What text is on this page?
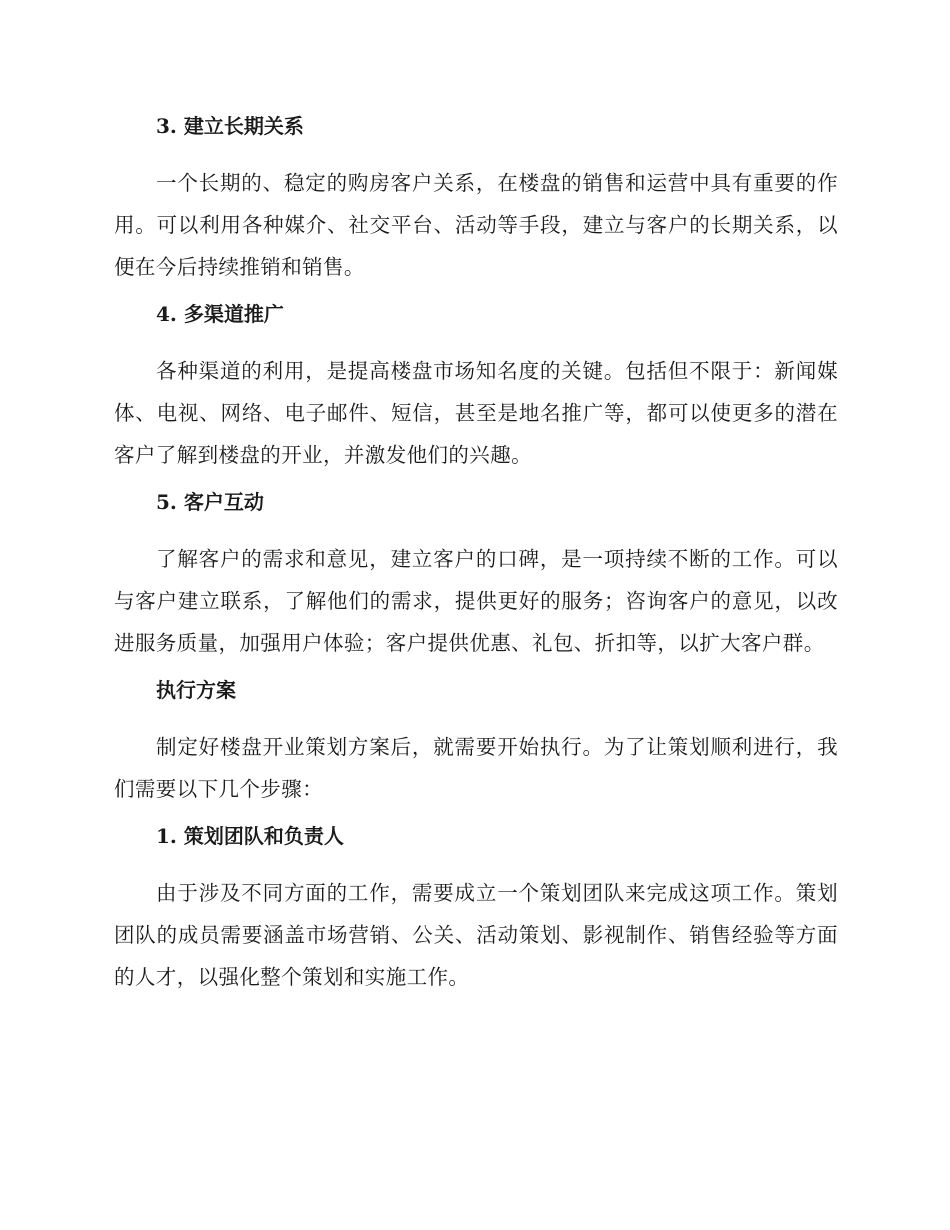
3. 建立长期关系

一个长期的、稳定的购房客户关系，在楼盘的销售和运营中具有重要的作用。可以利用各种媒介、社交平台、活动等手段，建立与客户的长期关系，以便在今后持续推销和销售。

4. 多渠道推广

各种渠道的利用，是提高楼盘市场知名度的关键。包括但不限于：新闻媒体、电视、网络、电子邮件、短信，甚至是地名推广等，都可以使更多的潜在客户了解到楼盘的开业，并激发他们的兴趣。

5. 客户互动

了解客户的需求和意见，建立客户的口碑，是一项持续不断的工作。可以与客户建立联系，了解他们的需求，提供更好的服务；咨询客户的意见，以改进服务质量，加强用户体验；客户提供优惠、礼包、折扣等，以扩大客户群。

执行方案

制定好楼盘开业策划方案后，就需要开始执行。为了让策划顺利进行，我们需要以下几个步骤：

1. 策划团队和负责人

由于涉及不同方面的工作，需要成立一个策划团队来完成这项工作。策划团队的成员需要涵盖市场营销、公关、活动策划、影视制作、销售经验等方面的人才，以强化整个策划和实施工作。
